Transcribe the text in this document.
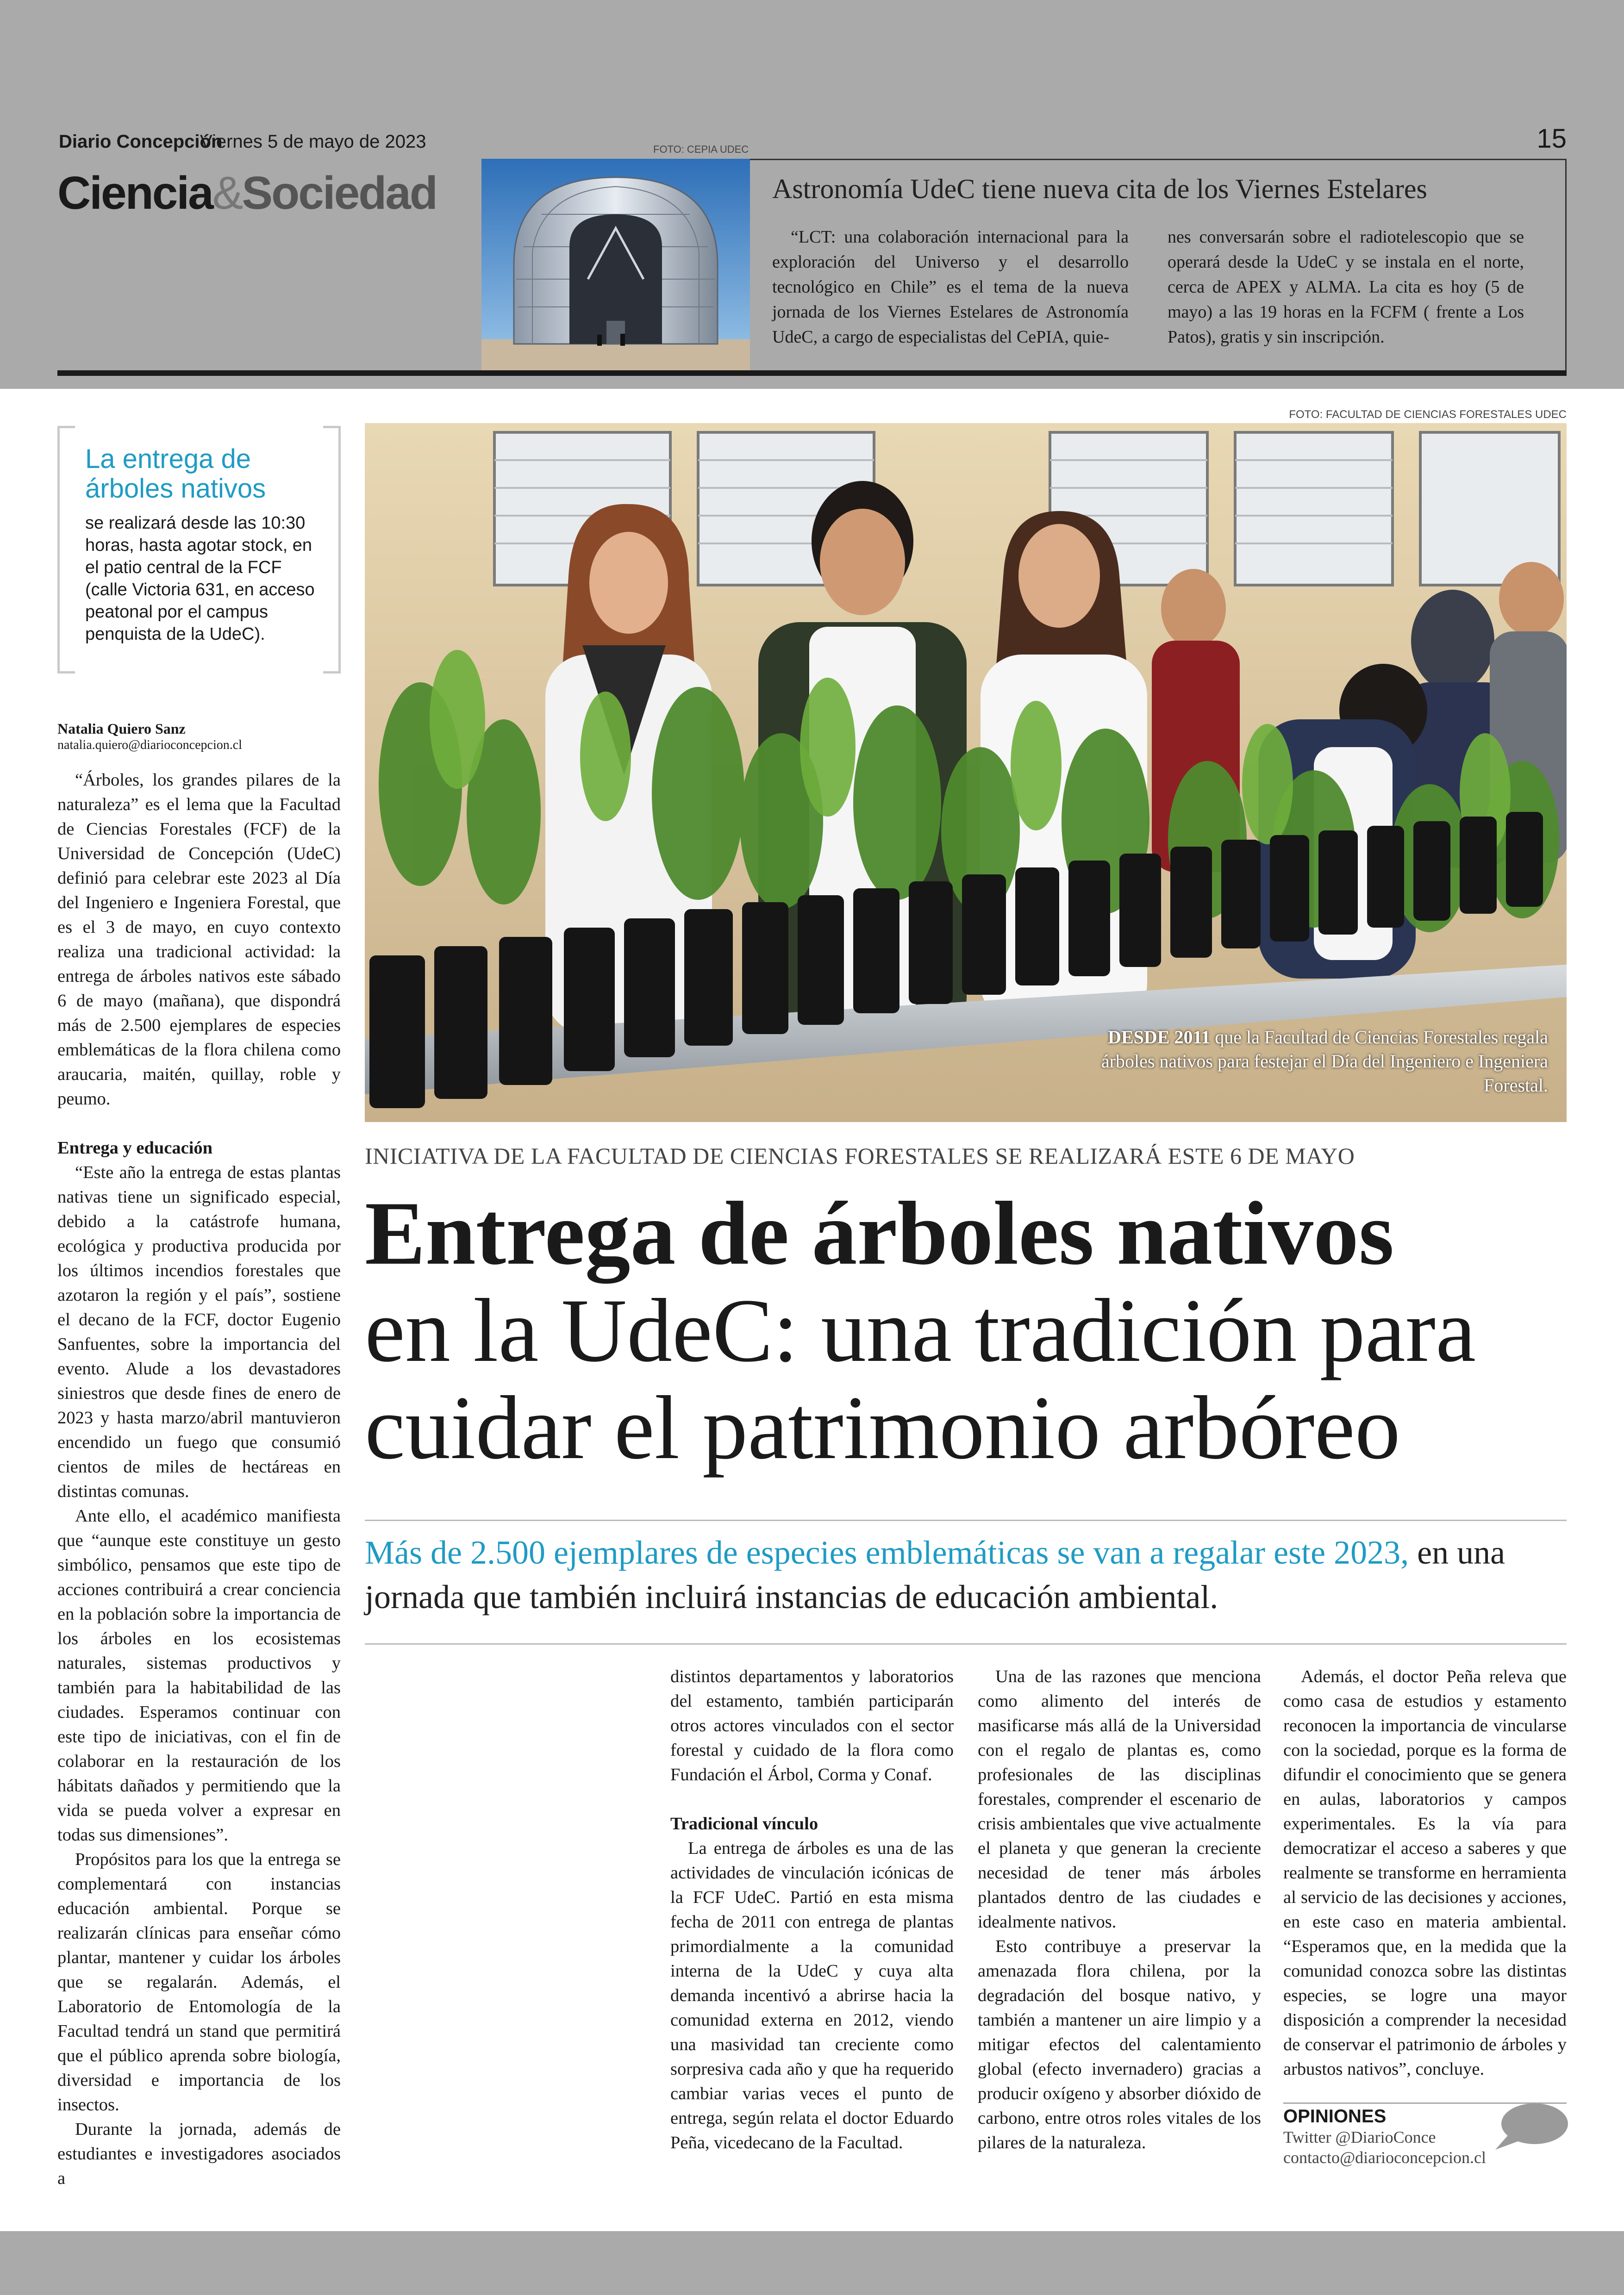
Diario Concepción
Viernes 5 de mayo de 2023	15
Ciencia&Sociedad
FOTO: CEPIA UDEC
Astronomía UdeC tiene nueva cita de los Viernes Estelares
“LCT: una colaboración internacional para la exploración del Universo y el desarrollo tecnológico en Chile” es el tema de la nueva jornada de los Viernes Estelares de Astronomía UdeC, a cargo de especialistas del CePIA, quie-
nes conversarán sobre el radiotelescopio que se operará desde la UdeC y se instala en el norte, cerca de APEX y ALMA. La cita es hoy (5 de mayo) a las 19 horas en la FCFM ( frente a Los Patos), gratis y sin inscripción.
La entrega de árboles nativos
se realizará desde las 10:30 horas, hasta agotar stock, en el patio central de la FCF (calle Victoria 631, en acceso peatonal por el campus penquista de la UdeC).
Natalia Quiero Sanz
natalia.quiero@diarioconcepcion.cl

“Árboles, los grandes pilares de la naturaleza” es el lema que la Facultad de Ciencias Forestales (FCF) de la Universidad de Concepción (UdeC) definió para celebrar este 2023 al Día del Ingeniero e Ingeniera Forestal, que es el 3 de mayo, en cuyo contexto realiza una tradicional actividad: la entrega de árboles nativos este sábado 6 de mayo (mañana), que dispondrá más de 2.500 ejemplares de especies emblemáticas de la flora chilena como araucaria, maitén, quillay, roble y peumo.

Entrega y educación

“Este año la entrega de estas plantas nativas tiene un significado especial, debido a la catástrofe humana, ecológica y productiva producida por los últimos incendios forestales que azotaron la región y el país”, sostiene el decano de la FCF, doctor Eugenio Sanfuentes, sobre la importancia del evento. Alude a los devastadores siniestros que desde fines de enero de 2023 y hasta marzo/abril mantuvieron encendido un fuego que consumió cientos de miles de hectáreas en distintas comunas.

Ante ello, el académico manifiesta que “aunque este constituye un gesto simbólico, pensamos que este tipo de acciones contribuirá a crear conciencia en la población sobre la importancia de los árboles en los ecosistemas naturales, sistemas productivos y también para la habitabilidad de las ciudades. Esperamos continuar con este tipo de iniciativas, con el fin de colaborar en la restauración de los hábitats dañados y permitiendo que la vida se pueda volver a expresar en todas sus dimensiones”.

Propósitos para los que la entrega se complementará con instancias educación ambiental. Porque se realizarán clínicas para enseñar cómo plantar, mantener y cuidar los árboles que se regalarán. Además, el Laboratorio de Entomología de la Facultad tendrá un stand que permitirá que el público aprenda sobre biología, diversidad e importancia de los insectos.

Durante la jornada, además de estudiantes e investigadores asociados a

FOTO: FACULTAD DE CIENCIAS FORESTALES UDEC
DESDE 2011 que la Facultad de Ciencias Forestales regala árboles nativos para festejar el Día del Ingeniero e Ingeniera Forestal.
INICIATIVA DE LA FACULTAD DE CIENCIAS FORESTALES SE REALIZARÁ ESTE 6 DE MAYO
Entrega de árboles nativos
en la UdeC: una tradición para cuidar el patrimonio arbóreo
Más de 2.500 ejemplares de especies emblemáticas se van a regalar este 2023, en una jornada que también incluirá instancias de educación ambiental.

distintos departamentos y laboratorios del estamento, también participarán otros actores vinculados con el sector forestal y cuidado de la flora como Fundación el Árbol, Corma y Conaf.

Tradicional vínculo

La entrega de árboles es una de las actividades de vinculación icónicas de la FCF UdeC. Partió en esta misma fecha de 2011 con entrega de plantas primordialmente a la comunidad interna de la UdeC y cuya alta demanda incentivó a abrirse hacia la comunidad externa en 2012, viendo una masividad tan creciente como sorpresiva cada año y que ha requerido cambiar varias veces el punto de entrega, según relata el doctor Eduardo Peña, vicedecano de la Facultad.

Una de las razones que menciona como alimento del interés de masificarse más allá de la Universidad con el regalo de plantas es, como profesionales de las disciplinas forestales, comprender el escenario de crisis ambientales que vive actualmente el planeta y que generan la creciente necesidad de tener más árboles plantados dentro de las ciudades e idealmente nativos.

Esto contribuye a preservar la amenazada flora chilena, por la degradación del bosque nativo, y también a mantener un aire limpio y a mitigar efectos del calentamiento global (efecto invernadero) gracias a producir oxígeno y absorber dióxido de carbono, entre otros roles vitales de los pilares de la naturaleza.

Además, el doctor Peña releva que como casa de estudios y estamento reconocen la importancia de vincularse con la sociedad, porque es la forma de difundir el conocimiento que se genera en aulas, laboratorios y campos experimentales. Es la vía para democratizar el acceso a saberes y que realmente se transforme en herramienta al servicio de las decisiones y acciones, en este caso en materia ambiental. “Esperamos que, en la medida que la comunidad conozca sobre las distintas especies, se logre una mayor disposición a comprender la necesidad de conservar el patrimonio de árboles y arbustos nativos”, concluye.

OPINIONES
Twitter @DiarioConce
contacto@diarioconcepcion.cl
